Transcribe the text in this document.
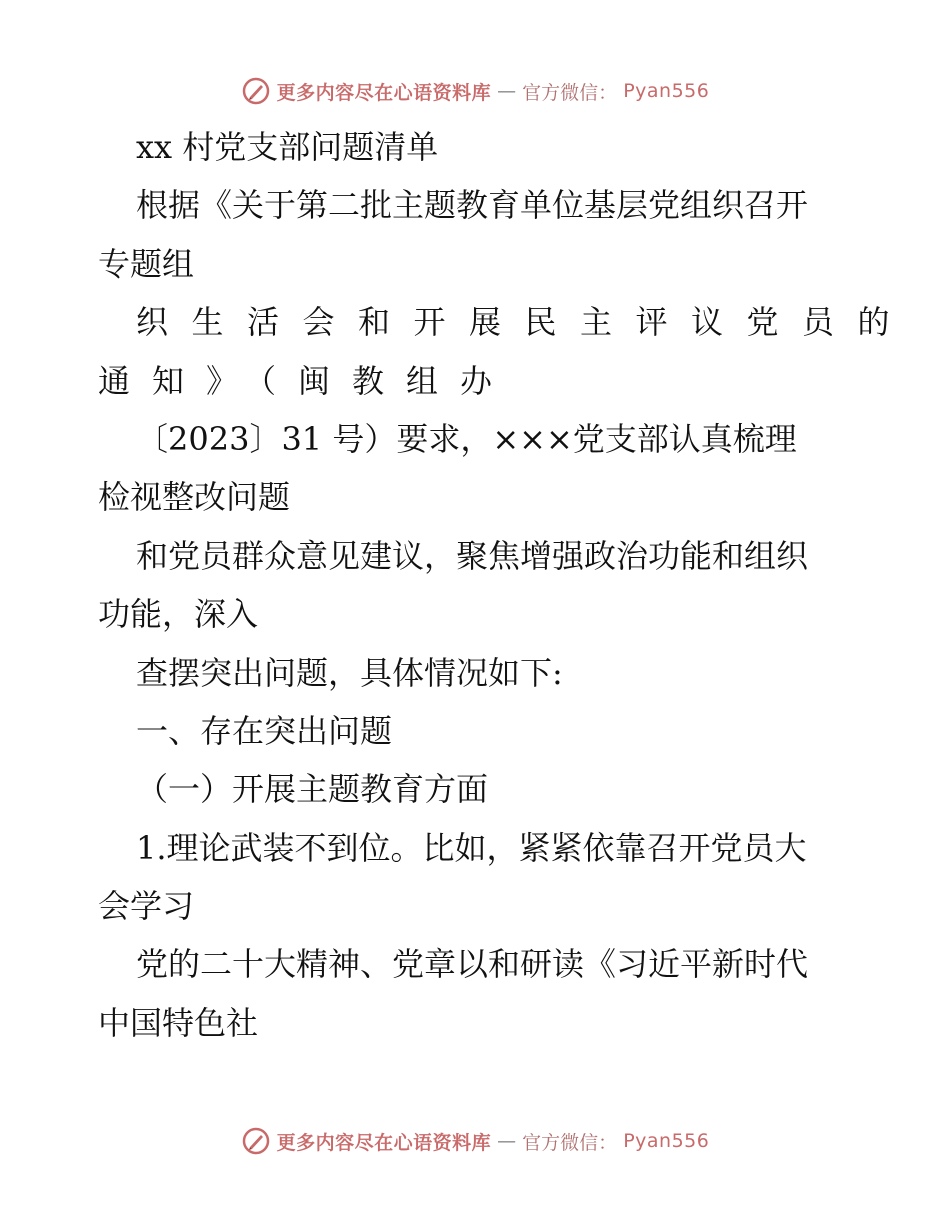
更多内容尽在心语资料库 — 官方微信： Pyan556
xx 村党支部问题清单
根据《关于第二批主题教育单位基层党组织召开
专题组
织生活会和开展民主评议党员的
通知》（闽教组办
〔2023〕31 号）要求，×××党支部认真梳理
检视整改问题
和党员群众意见建议，聚焦增强政治功能和组织
功能，深入
查摆突出问题，具体情况如下:
一、存在突出问题
（一）开展主题教育方面
1.理论武装不到位。比如，紧紧依靠召开党员大
会学习
党的二十大精神、党章以和研读《习近平新时代
中国特色社
更多内容尽在心语资料库 — 官方微信： Pyan556
